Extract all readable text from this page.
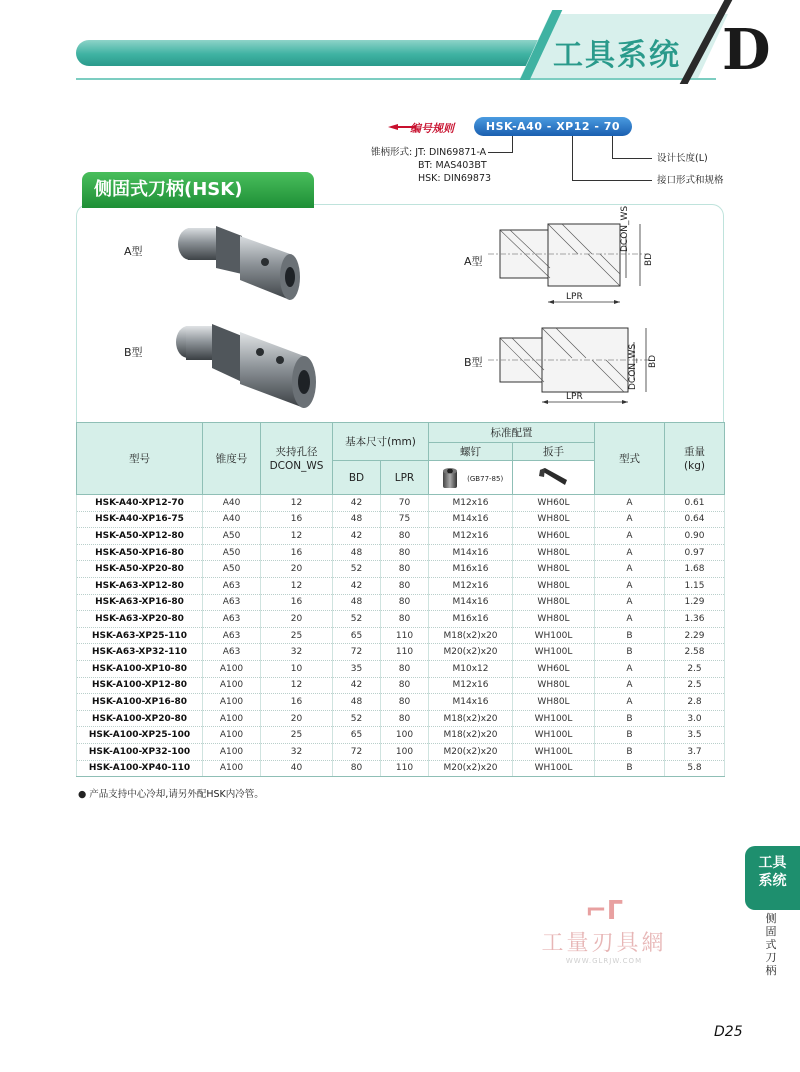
工具系统 D
编号规则	HSK-A40 - XP12 - 70
锥柄形式: JT: DIN69871-A
BT: MAS403BT
HSK: DIN69873
设计长度(L)
接口形式和规格
侧固式刀柄(HSK)
A型
B型
A型
DCON_WS
BD
LPR
B型	DCON_WS BD
LPR
型号	锥度号	夹持孔径
DCON_WS	基本尺寸(mm)		标准配置		型式	重量
(kg)
					螺钉	扳手		
			BD	LPR	(GB77-85)	
HSK-A40-XP12-70	A40	12	42	70	M12x16	WH60L	A	0.61
HSK-A40-XP16-75	A40	16	48	75	M14x16	WH80L	A	0.64
HSK-A50-XP12-80	A50	12	42	80	M12x16	WH60L	A	0.90
HSK-A50-XP16-80	A50	16	48	80	M14x16	WH80L	A	0.97
HSK-A50-XP20-80	A50	20	52	80	M16x16	WH80L	A	1.68
HSK-A63-XP12-80	A63	12	42	80	M12x16	WH80L	A	1.15
HSK-A63-XP16-80	A63	16	48	80	M14x16	WH80L	A	1.29
HSK-A63-XP20-80	A63	20	52	80	M16x16	WH80L	A	1.36
HSK-A63-XP25-110	A63	25	65	110	M18(x2)x20	WH100L	B	2.29
HSK-A63-XP32-110	A63	32	72	110	M20(x2)x20	WH100L	B	2.58
HSK-A100-XP10-80	A100	10	35	80	M10x12	WH60L	A	2.5
HSK-A100-XP12-80	A100	12	42	80	M12x16	WH80L	A	2.5
HSK-A100-XP16-80	A100	16	48	80	M14x16	WH80L	A	2.8
HSK-A100-XP20-80	A100	20	52	80	M18(x2)x20	WH100L	B	3.0
HSK-A100-XP25-100	A100	25	65	100	M18(x2)x20	WH100L	B	3.5
HSK-A100-XP32-100	A100	32	72	100	M20(x2)x20	WH100L	B	3.7
HSK-A100-XP40-110	A100	40	80	110	M20(x2)x20	WH100L	B	5.8
● 产品支持中心冷却,请另外配HSK内冷管。
工具
系统
侧固式刀柄
⌐ᒥ
工量刃具網
WWW.GLRJW.COM
D25
